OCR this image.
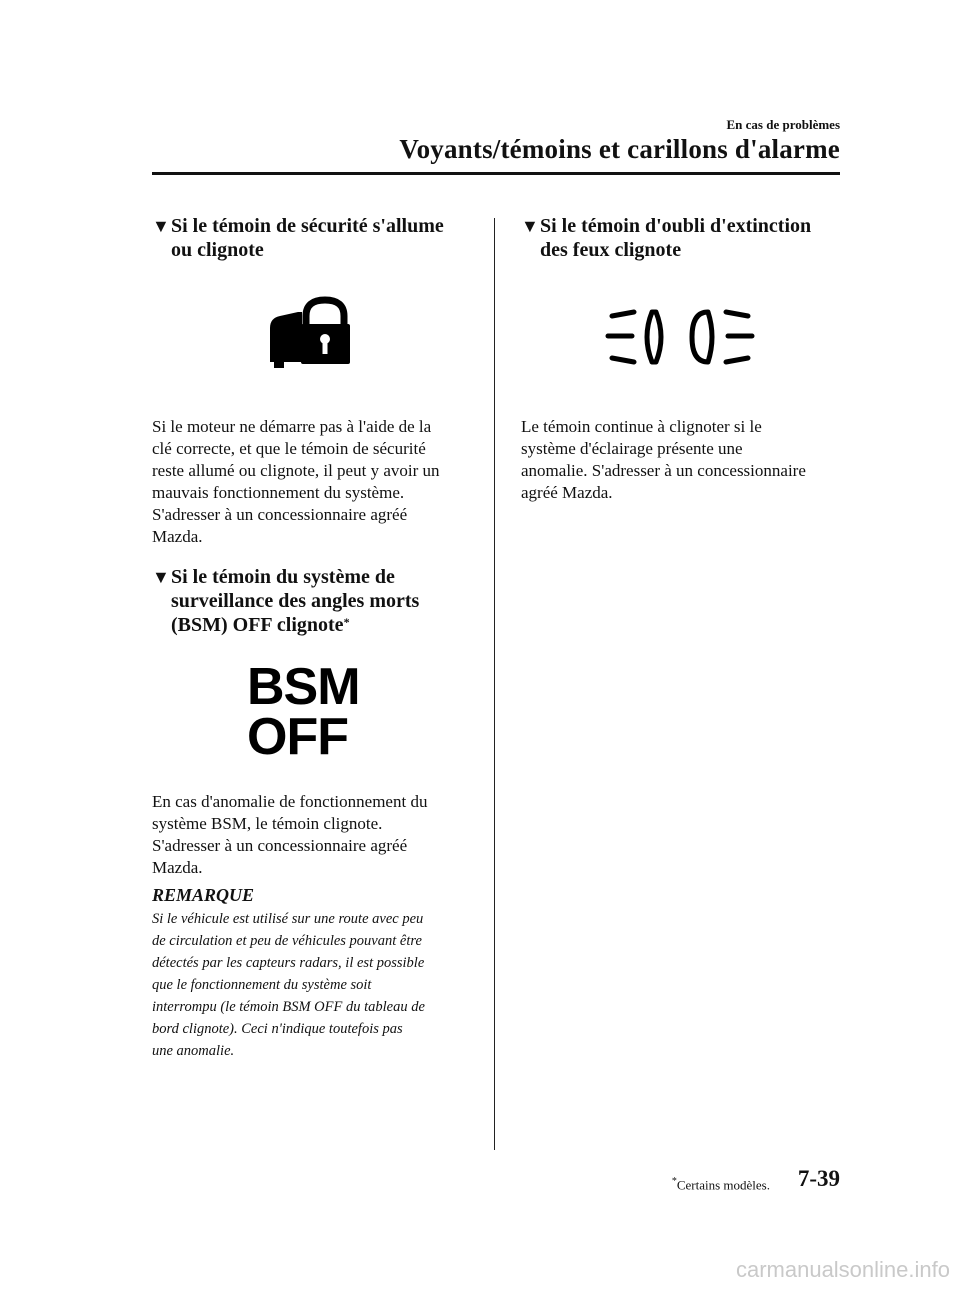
En cas de problèmes
Voyants/témoins et carillons d'alarme
▼ Si le témoin de sécurité s'allume
ou clignote
Si le moteur ne démarre pas à l'aide de la
clé correcte, et que le témoin de sécurité
reste allumé ou clignote, il peut y avoir un
mauvais fonctionnement du système.
S'adresser à un concessionnaire agréé
Mazda.
▼ Si le témoin du système de
surveillance des angles morts
(BSM) OFF clignote*
BSM
OFF
En cas d'anomalie de fonctionnement du
système BSM, le témoin clignote.
S'adresser à un concessionnaire agréé
Mazda.
REMARQUE
Si le véhicule est utilisé sur une route avec peu
de circulation et peu de véhicules pouvant être
détectés par les capteurs radars, il est possible
que le fonctionnement du système soit
interrompu (le témoin BSM OFF du tableau de
bord clignote). Ceci n'indique toutefois pas
une anomalie.
▼ Si le témoin d'oubli d'extinction
des feux clignote
Le témoin continue à clignoter si le
système d'éclairage présente une
anomalie. S'adresser à un concessionnaire
agréé Mazda.
*Certains modèles. 7-39
carmanualsonline.info
